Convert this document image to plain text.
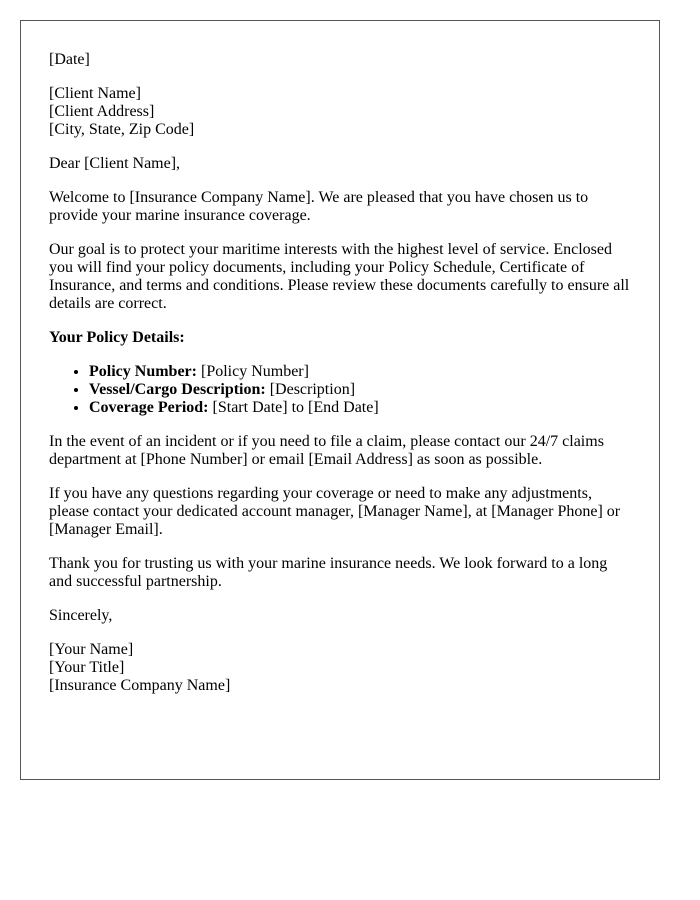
[Date]

[Client Name]
[Client Address]
[City, State, Zip Code]

Dear [Client Name],

Welcome to [Insurance Company Name]. We are pleased that you have chosen us to provide your marine insurance coverage.

Our goal is to protect your maritime interests with the highest level of service. Enclosed you will find your policy documents, including your Policy Schedule, Certificate of Insurance, and terms and conditions. Please review these documents carefully to ensure all details are correct.

Your Policy Details:

• Policy Number: [Policy Number]
• Vessel/Cargo Description: [Description]
• Coverage Period: [Start Date] to [End Date]

In the event of an incident or if you need to file a claim, please contact our 24/7 claims department at [Phone Number] or email [Email Address] as soon as possible.

If you have any questions regarding your coverage or need to make any adjustments, please contact your dedicated account manager, [Manager Name], at [Manager Phone] or [Manager Email].

Thank you for trusting us with your marine insurance needs. We look forward to a long and successful partnership.

Sincerely,

[Your Name]
[Your Title]
[Insurance Company Name]
